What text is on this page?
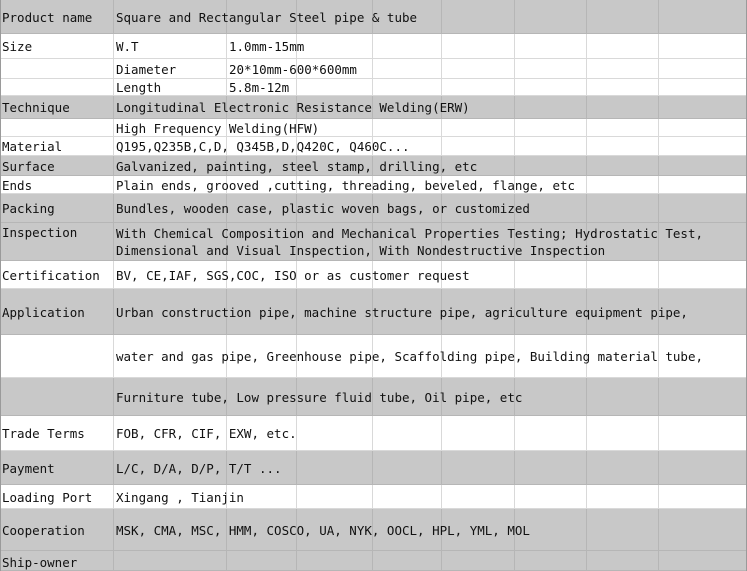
Product name Square and Rectangular Steel pipe & tube
Size	W.T	1.0mm-15mm
Diameter	20*10mm-600*600mm
Length	5.8m-12m
Technique	Longitudinal Electronic Resistance Welding(ERW)
High Frequency Welding(HFW)
Material	Q195,Q235B,C,D, Q345B,D,Q420C, Q460C...
Surface	Galvanized, painting, steel stamp, drilling, etc
Ends	Plain ends, grooved ,cutting, threading, beveled, flange, etc
Packing	Bundles, wooden case, plastic woven bags, or customized
Inspection	With Chemical Composition and Mechanical Properties Testing; Hydrostatic Test,
Dimensional and Visual Inspection, With Nondestructive Inspection
Certification BV, CE,IAF, SGS,COC, ISO or as customer request
Application Urban construction pipe, machine structure pipe, agriculture equipment pipe,
water and gas pipe, Greenhouse pipe, Scaffolding pipe, Building material tube,
Furniture tube, Low pressure fluid tube, Oil pipe, etc
Trade Terms FOB, CFR, CIF, EXW, etc.
Payment	L/C, D/A, D/P, T/T ...
Loading Port Xingang , Tianjin
Cooperation MSK, CMA, MSC, HMM, COSCO, UA, NYK, OOCL, HPL, YML, MOL
Ship-owner
